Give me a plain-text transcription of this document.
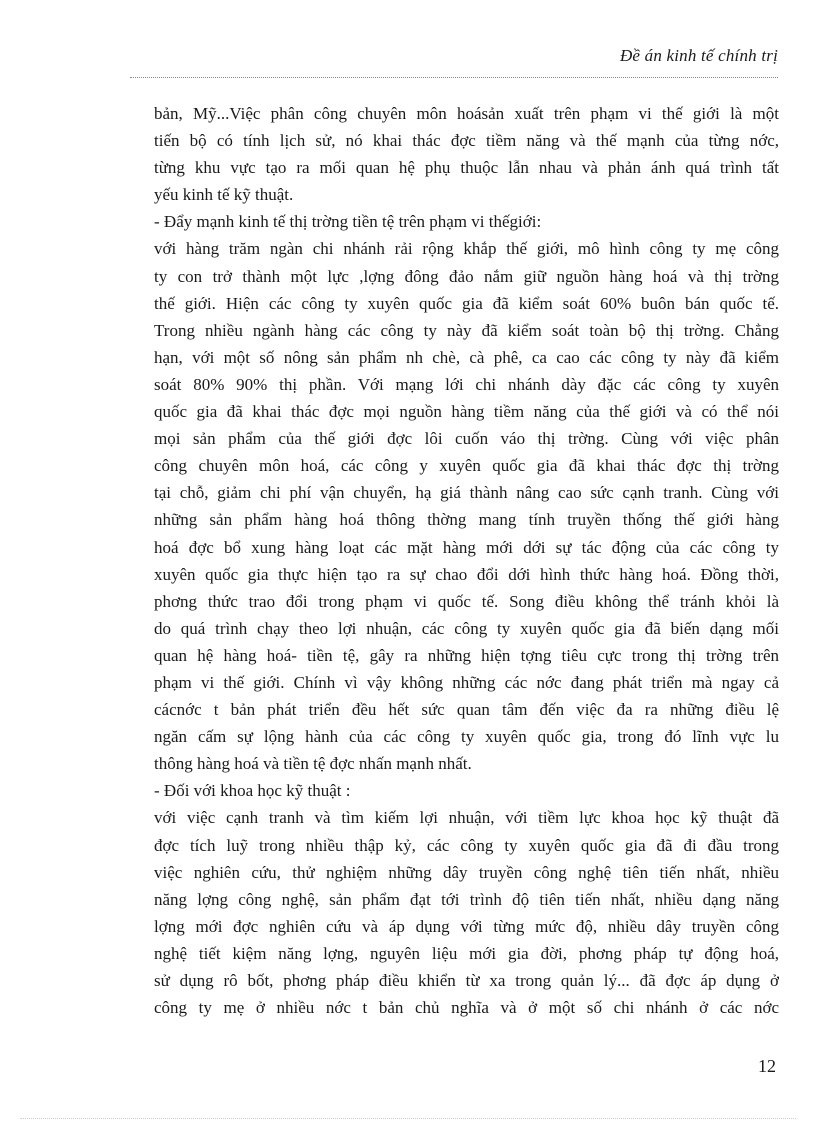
Đề án kinh tế chính trị
bản, Mỹ...Việc phân công chuyên môn hoásản xuất trên phạm vi thế giới là một
tiến bộ có tính lịch sử, nó khai thác đợc tiềm năng và thế mạnh của từng nớc,
từng khu vực tạo ra mối quan hệ phụ thuộc lẫn nhau và phản ánh quá trình tất
yếu kinh tế kỹ thuật.
- Đẩy mạnh kinh tế thị trờng tiền tệ trên phạm vi thếgiới:
với hàng trăm ngàn chi nhánh rải rộng khắp thế giới, mô hình công ty mẹ công
ty con trở thành một lực ,lợng đông đảo nắm giữ nguồn hàng hoá và thị trờng
thế giới. Hiện các công ty xuyên quốc gia đã kiểm soát 60% buôn bán quốc tế.
Trong nhiều ngành hàng các công ty này đã kiểm soát toàn bộ thị trờng. Chẳng
hạn, với một số nông sản phẩm nh chè, cà phê, ca cao các công ty này đã kiểm
soát 80% 90% thị phần. Với mạng lới chi nhánh dày đặc các công ty xuyên
quốc gia đã khai thác đợc mọi nguồn hàng tiềm năng của thế giới và có thể nói
mọi sản phẩm của thế giới đợc lôi cuốn váo thị trờng. Cùng với việc phân
công chuyên môn hoá, các công y xuyên quốc gia đã khai thác đợc thị trờng
tại chỗ, giảm chi phí vận chuyển, hạ giá thành nâng cao sức cạnh tranh. Cùng với
những sản phẩm hàng hoá thông thờng mang tính truyền thống thế giới hàng
hoá đợc bổ xung hàng loạt các mặt hàng mới dới sự tác động của các công ty
xuyên quốc gia thực hiện tạo ra sự chao đổi dới hình thức hàng hoá. Đồng thời,
phơng thức trao đổi trong phạm vi quốc tế. Song điều không thể tránh khỏi là
do quá trình chạy theo lợi nhuận, các công ty xuyên quốc gia đã biến dạng mối
quan hệ hàng hoá- tiền tệ, gây ra những hiện tợng tiêu cực trong thị trờng trên
phạm vi thế giới. Chính vì vậy không những các nớc đang phát triển mà ngay cả
cácnớc t bản phát triển đều hết sức quan tâm đến việc đa ra những điều lệ
ngăn cấm sự lộng hành của các công ty xuyên quốc gia, trong đó lĩnh vực lu
thông hàng hoá và tiền tệ đợc nhấn mạnh nhất.
- Đối với khoa học kỹ thuật :
với việc cạnh tranh và tìm kiếm lợi nhuận, với tiềm lực khoa học kỹ thuật đã
đợc tích luỹ trong nhiều thập kỷ, các công ty xuyên quốc gia đã đi đầu trong
việc nghiên cứu, thử nghiệm những dây truyền công nghệ tiên tiến nhất, nhiều
năng lợng công nghệ, sản phẩm đạt tới trình độ tiên tiến nhất, nhiều dạng năng
lợng mới đợc nghiên cứu và áp dụng với từng mức độ, nhiều dây truyền công
nghệ tiết kiệm năng lợng, nguyên liệu mới gia đời, phơng pháp tự động hoá,
sử dụng rô bốt, phơng pháp điều khiển từ xa trong quản lý... đã đợc áp dụng ở
công ty mẹ ở nhiều nớc t bản chủ nghĩa và ở một số chi nhánh ở các nớc
12
